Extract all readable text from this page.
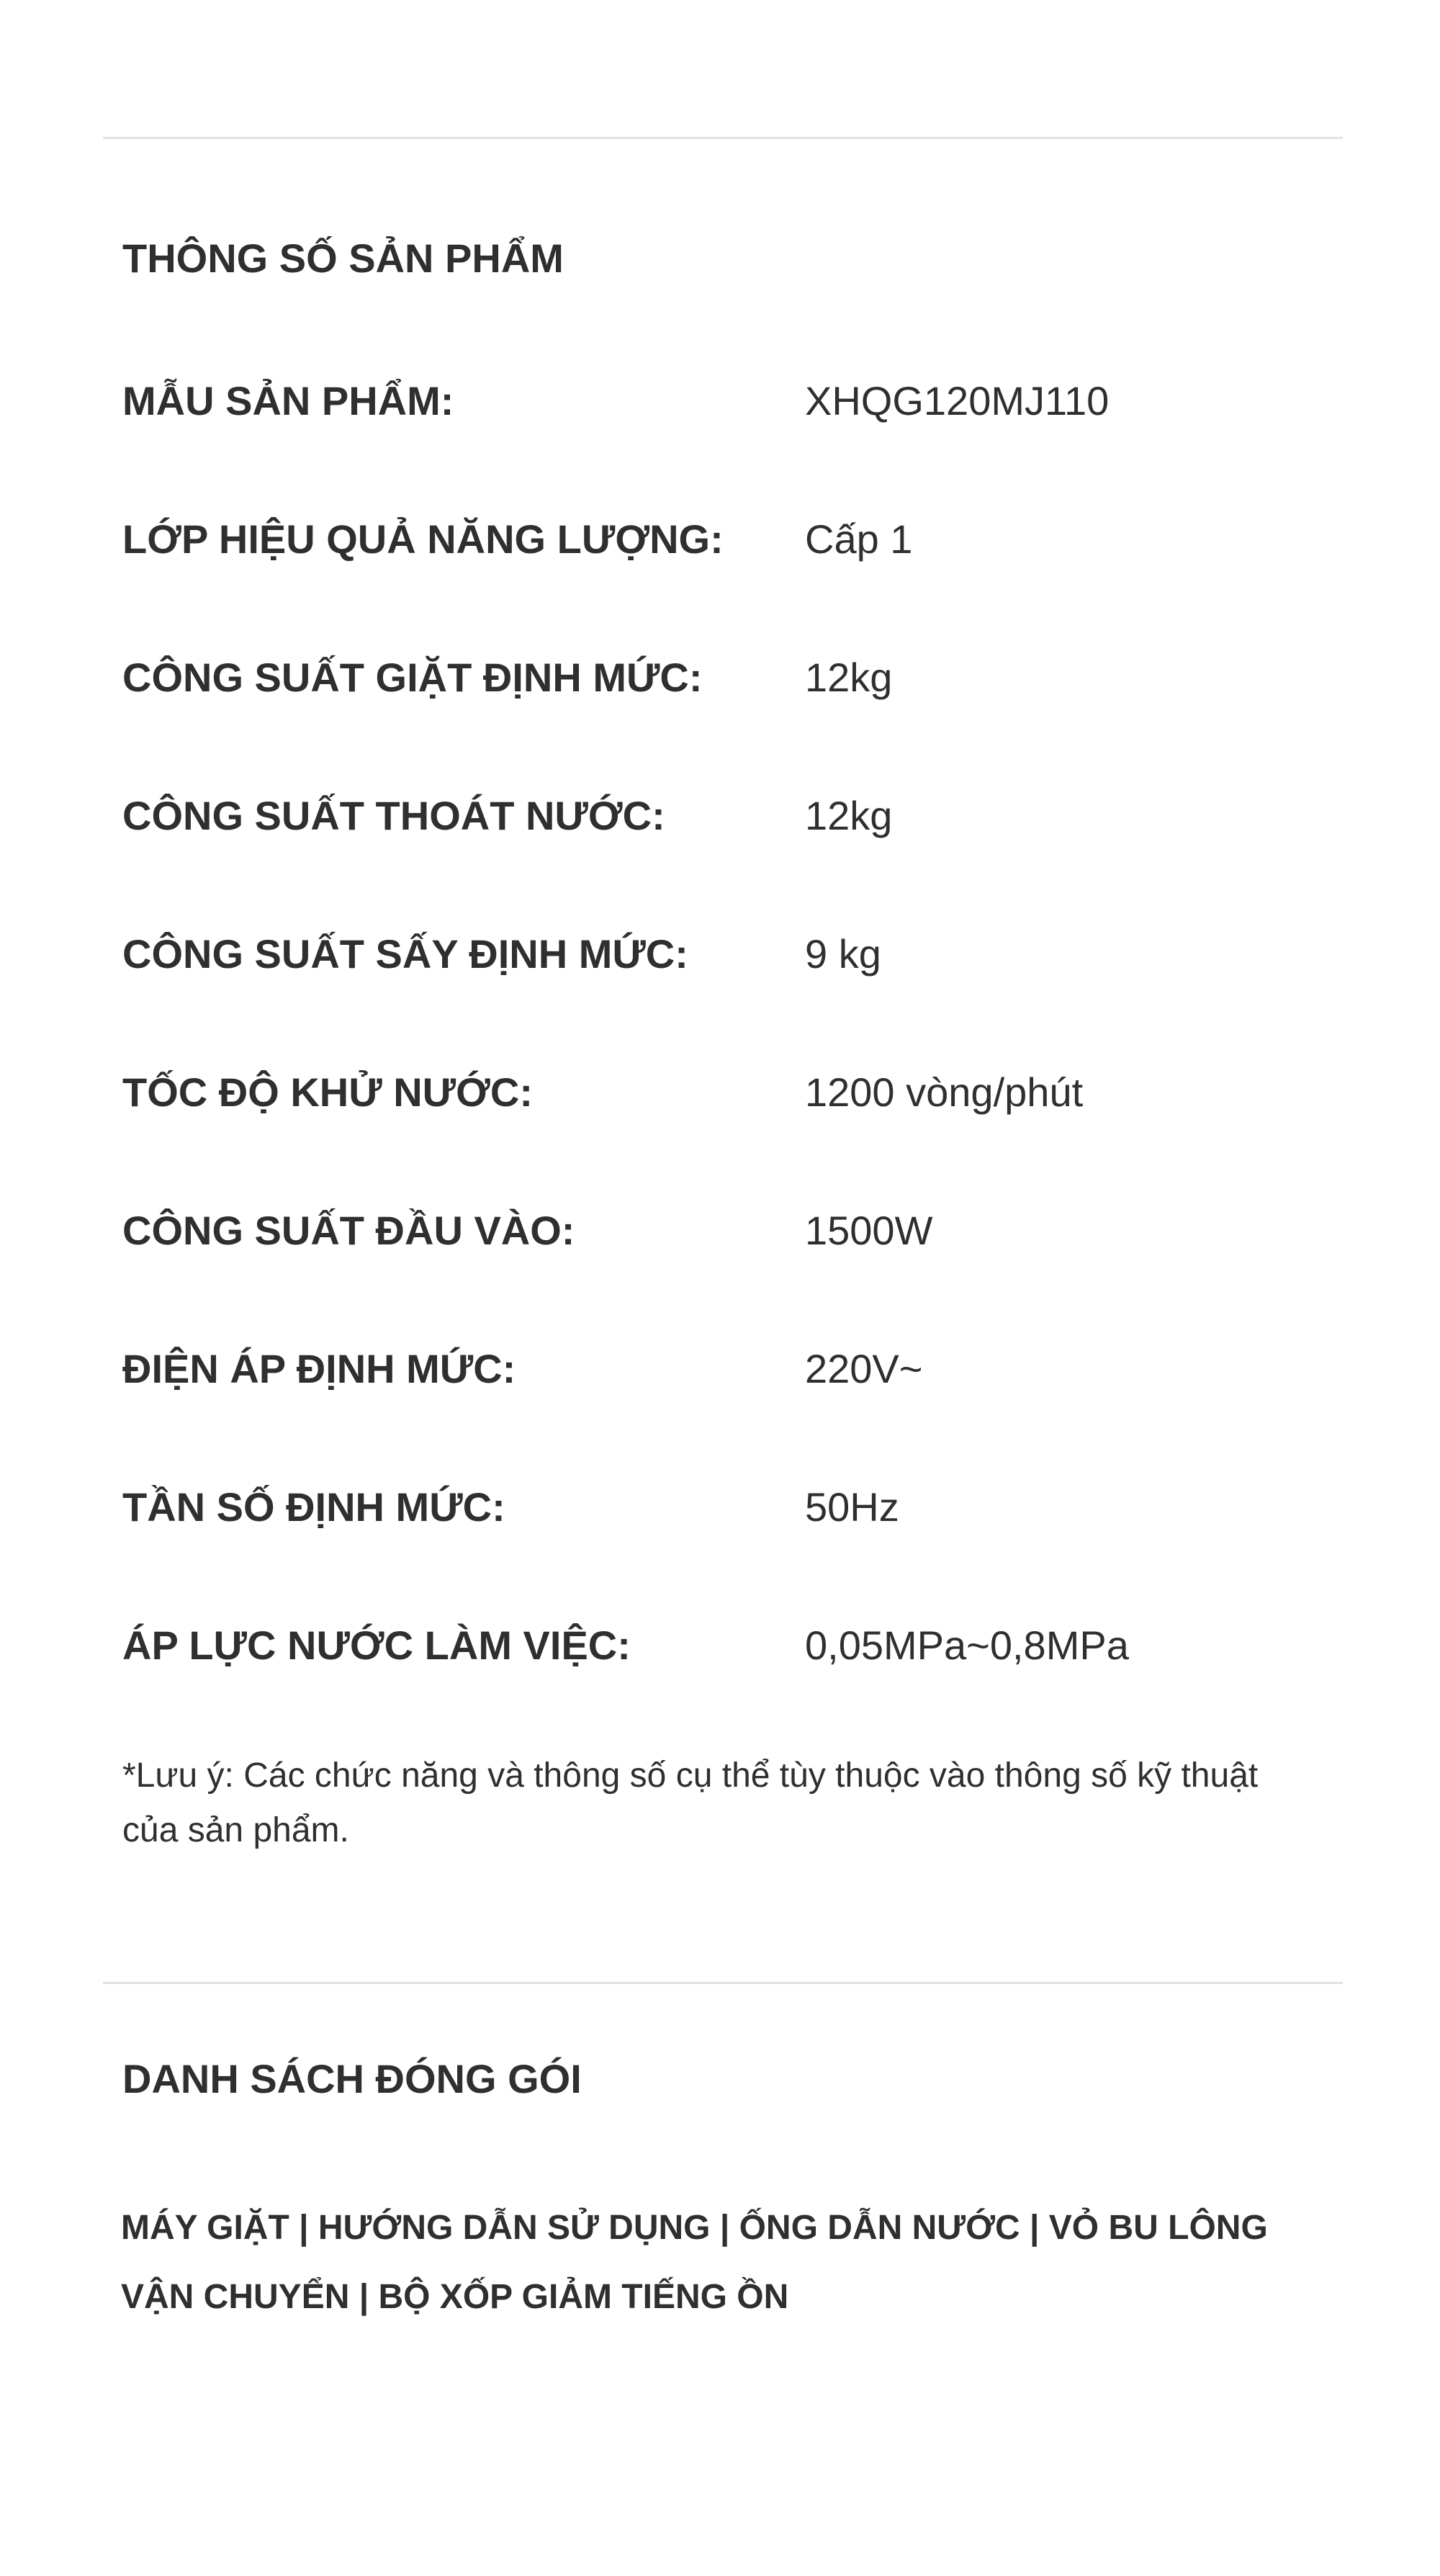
THÔNG SỐ SẢN PHẨM
MẪU SẢN PHẨM:	XHQG120MJ110
LỚP HIỆU QUẢ NĂNG LƯỢNG: Cấp 1
CÔNG SUẤT GIẶT ĐỊNH MỨC:	12kg
CÔNG SUẤT THOÁT NƯỚC:	12kg
CÔNG SUẤT SẤY ĐỊNH MỨC:	9 kg
TỐC ĐỘ KHỬ NƯỚC:	1200 vòng/phút
CÔNG SUẤT ĐẦU VÀO:	1500W
ĐIỆN ÁP ĐỊNH MỨC:	220V~
TẦN SỐ ĐỊNH MỨC:	50Hz
ÁP LỰC NƯỚC LÀM VIỆC:	0,05MPa~0,8MPa

*Lưu ý: Các chức năng và thông số cụ thể tùy thuộc vào thông số kỹ thuật của sản phẩm.

DANH SÁCH ĐÓNG GÓI

MÁY GIẶT | HƯỚNG DẪN SỬ DỤNG | ỐNG DẪN NƯỚC | VỎ BU LÔNG VẬN CHUYỂN | BỘ XỐP GIẢM TIẾNG ỒN
